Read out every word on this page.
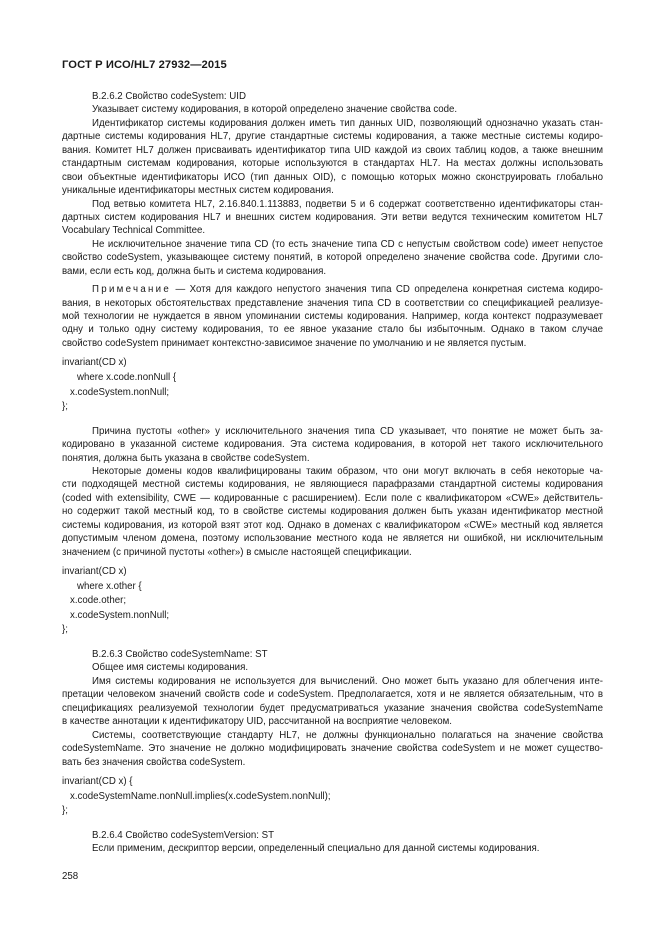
ГОСТ Р ИСО/HL7 27932—2015
В.2.6.2 Свойство codeSystem: UID
Указывает систему кодирования, в которой определено значение свойства code.
Идентификатор системы кодирования должен иметь тип данных UID, позволяющий однозначно указать стан-
дартные системы кодирования HL7, другие стандартные системы кодирования, а также местные системы кодиро-
вания. Комитет HL7 должен присваивать идентификатор типа UID каждой из своих таблиц кодов, а также внешним
стандартным системам кодирования, которые используются в стандартах HL7. На местах должны использовать
свои объектные идентификаторы ИСО (тип данных OID), с помощью которых можно сконструировать глобально
уникальные идентификаторы местных систем кодирования.
Под ветвью комитета HL7, 2.16.840.1.113883, подветви 5 и 6 содержат соответственно идентификаторы стан-
дартных систем кодирования HL7 и внешних систем кодирования. Эти ветви ведутся техническим комитетом HL7
Vocabulary Technical Committee.
Не исключительное значение типа CD (то есть значение типа CD с непустым свойством code) имеет непустое
свойство codeSystem, указывающее систему понятий, в которой определено значение свойства code. Другими сло-
вами, если есть код, должна быть и система кодирования.
Примечание — Хотя для каждого непустого значения типа CD определена конкретная система кодиро-
вания, в некоторых обстоятельствах представление значения типа CD в соответствии со спецификацией реализуе-
мой технологии не нуждается в явном упоминании системы кодирования. Например, когда контекст подразумевает
одну и только одну систему кодирования, то ее явное указание стало бы избыточным. Однако в таком случае
свойство codeSystem принимает контекстно-зависимое значение по умолчанию и не является пустым.
invariant(CD x)
where x.code.nonNull {
x.codeSystem.nonNull;
};
Причина пустоты «other» у исключительного значения типа CD указывает, что понятие не может быть за-
кодировано в указанной системе кодирования. Эта система кодирования, в которой нет такого исключительного
понятия, должна быть указана в свойстве codeSystem.
Некоторые домены кодов квалифицированы таким образом, что они могут включать в себя некоторые ча-
сти подходящей местной системы кодирования, не являющиеся парафразами стандартной системы кодирования
(coded with extensibility, CWE — кодированные с расширением). Если поле с квалификатором «CWE» действитель-
но содержит такой местный код, то в свойстве системы кодирования должен быть указан идентификатор местной
системы кодирования, из которой взят этот код. Однако в доменах с квалификатором «CWE» местный код является
допустимым членом домена, поэтому использование местного кода не является ни ошибкой, ни исключительным
значением (с причиной пустоты «other») в смысле настоящей спецификации.
invariant(CD x)
where x.other {
x.code.other;
x.codeSystem.nonNull;
};
В.2.6.3 Свойство codeSystemName: ST
Общее имя системы кодирования.
Имя системы кодирования не используется для вычислений. Оно может быть указано для облегчения инте-
претации человеком значений свойств code и codeSystem. Предполагается, хотя и не является обязательным, что в
спецификациях реализуемой технологии будет предусматриваться указание значения свойства codeSystemName
в качестве аннотации к идентификатору UID, рассчитанной на восприятие человеком.
Системы, соответствующие стандарту HL7, не должны функционально полагаться на значение свойства
codeSystemName. Это значение не должно модифицировать значение свойства codeSystem и не может существо-
вать без значения свойства codeSystem.
invariant(CD x) {
x.codeSystemName.nonNull.implies(x.codeSystem.nonNull);
};
В.2.6.4 Свойство codeSystemVersion: ST
Если применим, дескриптор версии, определенный специально для данной системы кодирования.
258
